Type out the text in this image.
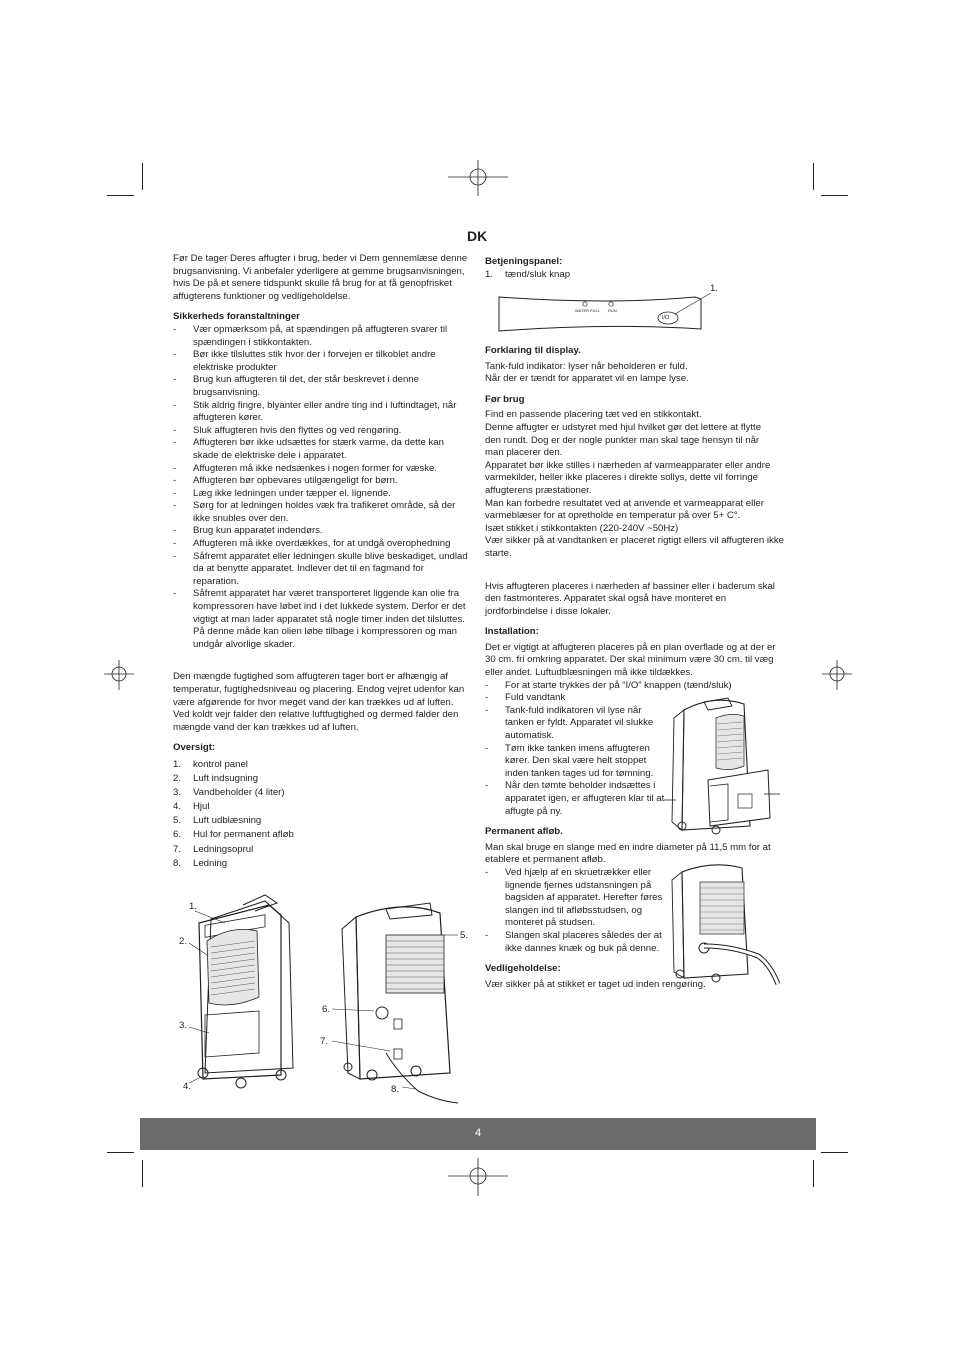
DK

Før De tager Deres affugter i brug, beder vi Dem gennemlæse denne brugsanvisning. Vi anbefaler yderligere at gemme brugsanvisningen, hvis De på et senere tidspunkt skulle få brug for at få genopfrisket affugterens funktioner og vedligeholdelse.

Sikkerheds foranstaltninger

- Vær opmærksom på, at spændingen på affugteren svarer til spændingen i stikkontakten.
- Bør ikke tilsluttes stik hvor der i forvejen er tilkoblet andre elektriske produkter
- Brug kun affugteren til det, der står beskrevet i denne brugsanvisning.
- Stik aldrig fingre, blyanter eller andre ting ind i luftindtaget, når affugteren kører.
- Sluk affugteren hvis den flyttes og ved rengøring.
- Affugteren bør ikke udsættes for stærk varme, da dette kan skade de elektriske dele i apparatet.
- Affugteren må ikke nedsænkes i nogen former for væske.
- Affugteren bør opbevares utilgængeligt for børn.
- Læg ikke ledningen under tæpper el. lignende.
- Sørg for at ledningen holdes væk fra trafikeret område, så der ikke snubles over den.
- Brug kun apparatet indendørs.
- Affugteren må ikke overdækkes, for at undgå overophedning
- Såfremt apparatet eller ledningen skulle blive beskadiget, undlad da at benytte apparatet. Indlever det til en fagmand for reparation.
- Såfremt apparatet har været transporteret liggende kan olie fra kompressoren have løbet ind i det lukkede system. Derfor er det vigtigt at man lader apparatet stå nogle timer inden det tilsluttes. På denne måde kan olien løbe tilbage i kompressoren og man undgår alvorlige skader.

Den mængde fugtighed som affugteren tager bort er afhængig af temperatur, fugtighedsniveau og placering. Endog vejret udenfor kan være afgørende for hvor meget vand der kan trækkes ud af luften. Ved koldt vejr falder den relative luftfugtighed og dermed falder den mængde vand der kan trækkes ud af luften.

Oversigt:

1. kontrol panel
2. Luft indsugning
3. Vandbeholder (4 liter)
4. Hjul
5. Luft udblæsning
6. Hul for permanent afløb
7. Ledningsoprul
8. Ledning
1.
2.
3.
4.
5.
6.
7.
8.

Betjeningspanel:

1. tænd/sluk knap
1.
WATER FULL RUN
I/O

Forklaring til display.

Tank-fuld indikator: lyser når beholderen er fuld. Når der er tændt for apparatet vil en lampe lyse.

Før brug

Find en passende placering tæt ved en stikkontakt.

Denne affugter er udstyret med hjul hvilket gør det lettere at flytte den rundt. Dog er der nogle punkter man skal tage hensyn til når man placerer den.

Apparatet bør ikke stilles i nærheden af varmeapparater eller andre varmekilder, heller ikke placeres i direkte sollys, dette vil forringe affugterens præstationer.

Man kan forbedre resultatet ved at anvende et varmeapparat eller varmeblæser for at opretholde en temperatur på over 5+ C°.

Isæt stikket i stikkontakten (220-240V ~50Hz)

Vær sikker på at vandtanken er placeret rigtigt ellers vil affugteren ikke starte.

Hvis affugteren placeres i nærheden af bassiner eller i baderum skal den fastmonteres. Apparatet skal også have monteret en jordforbindelse i disse lokaler.

Installation:

Det er vigtigt at affugteren placeres på en plan overflade og at der er 30 cm. fri omkring apparatet. Der skal minimum være 30 cm. til væg eller andet. Luftudblæsningen må ikke tildækkes.

- For at starte trykkes der på “I/O” knappen (tænd/sluk)
- Fuld vandtank
- Tank-fuld indikatoren vil lyse når tanken er fyldt. Apparatet vil slukke automatisk.
- Tøm ikke tanken imens affugteren kører. Den skal være helt stoppet inden tanken tages ud for tømning.
- Når den tømte beholder indsættes i apparatet igen, er affugteren klar til at affugte på ny.

Permanent afløb.

Man skal bruge en slange med en indre diameter på 11,5 mm for at etablere et permanent afløb.

- Ved hjælp af en skruetrækker eller lignende fjernes udstansningen på bagsiden af apparatet. Herefter føres slangen ind til afløbsstudsen, og monteret på studsen.
- Slangen skal placeres således der at ikke dannes knæk og buk på denne.

Vedligeholdelse:

Vær sikker på at stikket er taget ud inden rengøring.

4
